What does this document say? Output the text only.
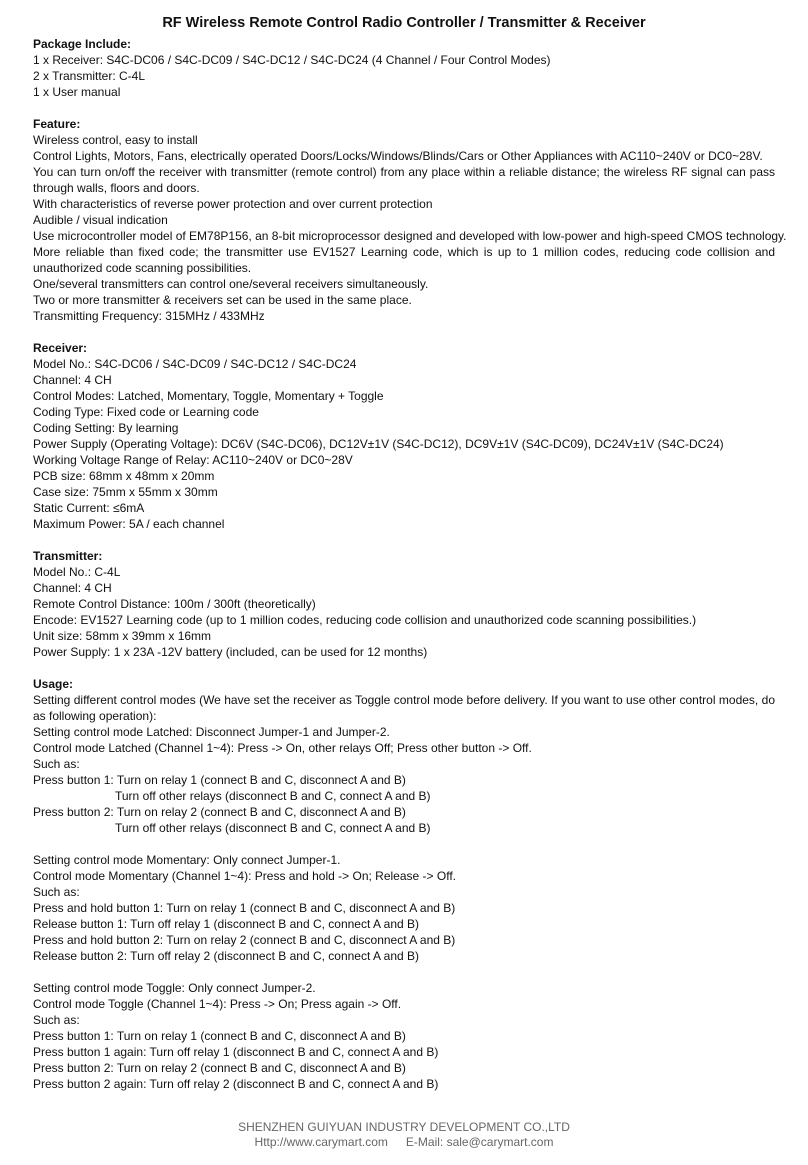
RF Wireless Remote Control Radio Controller / Transmitter & Receiver
Package Include:
1 x Receiver: S4C-DC06 / S4C-DC09 / S4C-DC12 / S4C-DC24 (4 Channel / Four Control Modes)
2 x Transmitter: C-4L
1 x User manual
Feature:
Wireless control, easy to install
Control Lights, Motors, Fans, electrically operated Doors/Locks/Windows/Blinds/Cars or Other Appliances with AC110~240V or DC0~28V.
You can turn on/off the receiver with transmitter (remote control) from any place within a reliable distance; the wireless RF signal can pass through walls, floors and doors.
With characteristics of reverse power protection and over current protection
Audible / visual indication
Use microcontroller model of EM78P156, an 8-bit microprocessor designed and developed with low-power and high-speed CMOS technology.
More reliable than fixed code; the transmitter use EV1527 Learning code, which is up to 1 million codes, reducing code collision and unauthorized code scanning possibilities.
One/several transmitters can control one/several receivers simultaneously.
Two or more transmitter & receivers set can be used in the same place.
Transmitting Frequency: 315MHz / 433MHz
Receiver:
Model No.: S4C-DC06 / S4C-DC09 / S4C-DC12 / S4C-DC24
Channel: 4 CH
Control Modes: Latched, Momentary, Toggle, Momentary + Toggle
Coding Type: Fixed code or Learning code
Coding Setting: By learning
Power Supply (Operating Voltage): DC6V (S4C-DC06), DC12V±1V (S4C-DC12), DC9V±1V (S4C-DC09), DC24V±1V (S4C-DC24)
Working Voltage Range of Relay: AC110~240V or DC0~28V
PCB size: 68mm x 48mm x 20mm
Case size: 75mm x 55mm x 30mm
Static Current: ≤6mA
Maximum Power: 5A / each channel
Transmitter:
Model No.: C-4L
Channel: 4 CH
Remote Control Distance: 100m / 300ft (theoretically)
Encode: EV1527 Learning code (up to 1 million codes, reducing code collision and unauthorized code scanning possibilities.)
Unit size: 58mm x 39mm x 16mm
Power Supply: 1 x 23A -12V battery (included, can be used for 12 months)
Usage:
Setting different control modes (We have set the receiver as Toggle control mode before delivery. If you want to use other control modes, do as following operation):
Setting control mode Latched: Disconnect Jumper-1 and Jumper-2.
Control mode Latched (Channel 1~4): Press -> On, other relays Off; Press other button -> Off.
Such as:
Press button 1: Turn on relay 1 (connect B and C, disconnect A and B)
Turn off other relays (disconnect B and C, connect A and B)
Press button 2: Turn on relay 2 (connect B and C, disconnect A and B)
Turn off other relays (disconnect B and C, connect A and B)
Setting control mode Momentary: Only connect Jumper-1.
Control mode Momentary (Channel 1~4): Press and hold -> On; Release -> Off.
Such as:
Press and hold button 1: Turn on relay 1 (connect B and C, disconnect A and B)
Release button 1: Turn off relay 1 (disconnect B and C, connect A and B)
Press and hold button 2: Turn on relay 2 (connect B and C, disconnect A and B)
Release button 2: Turn off relay 2 (disconnect B and C, connect A and B)
Setting control mode Toggle: Only connect Jumper-2.
Control mode Toggle (Channel 1~4): Press -> On; Press again -> Off.
Such as:
Press button 1: Turn on relay 1 (connect B and C, disconnect A and B)
Press button 1 again: Turn off relay 1 (disconnect B and C, connect A and B)
Press button 2: Turn on relay 2 (connect B and C, disconnect A and B)
Press button 2 again: Turn off relay 2 (disconnect B and C, connect A and B)
SHENZHEN GUIYUAN INDUSTRY DEVELOPMENT CO.,LTD
Http://www.carymart.com E-Mail: sale@carymart.com
